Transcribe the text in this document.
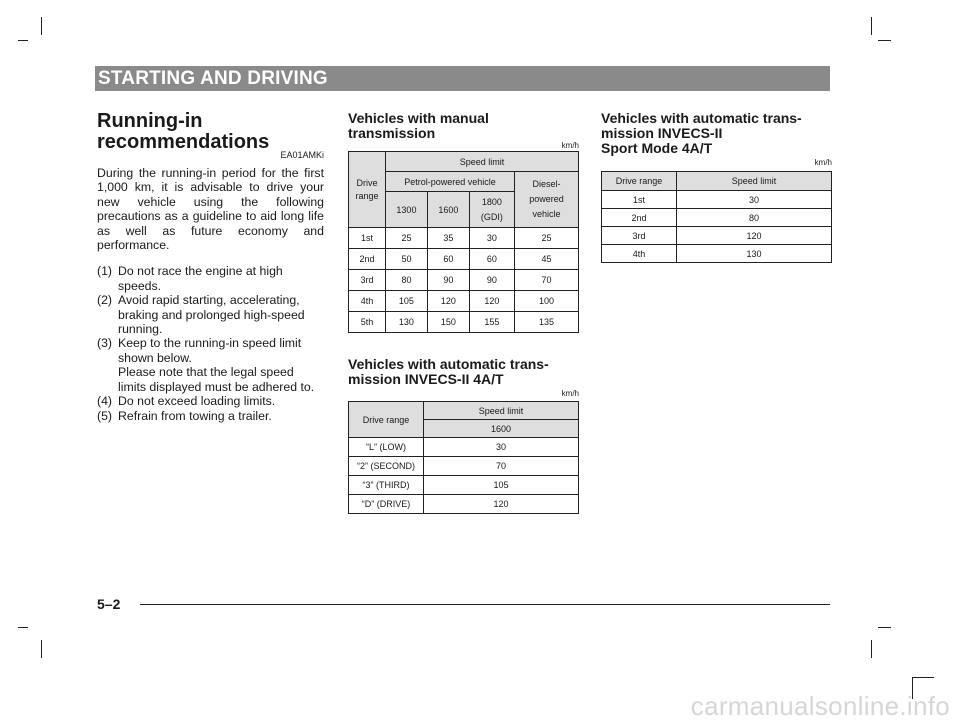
STARTING AND DRIVING
Running-in
recommendations
EA01AMKi

During the running-in period for the first 1,000 km, it is advisable to drive your new vehicle using the following precautions as a guideline to aid long life as well as future economy and performance.

(1) Do not race the engine at high speeds.
(2) Avoid rapid starting, accelerating, braking and prolonged high-speed running.
(3) Keep to the running-in speed limit shown below.
Please note that the legal speed limits displayed must be adhered to.
(4) Do not exceed loading limits.
(5) Refrain from towing a trailer.
Vehicles with manual transmission
km/h
Drive
range	Speed limit			
	Petrol-powered vehicle			Diesel-
powered
vehicle
	1300	1600	1800
(GDI)	
1st	25	35	30	25
2nd	50	60	60	45
3rd	80	90	90	70
4th	105	120	120	100
5th	130	150	155	135
Vehicles with automatic trans-
mission INVECS-II 4A/T
km/h
Drive range	Speed limit
	1600
“L” (LOW)	30
“2” (SECOND)	70
“3” (THIRD)	105
“D” (DRIVE)	120
Vehicles with automatic trans-
mission INVECS-II
Sport Mode 4A/T
km/h
Drive range	Speed limit
1st	30
2nd	80
3rd	120
4th	130
5–2
carmanualsonline.info
